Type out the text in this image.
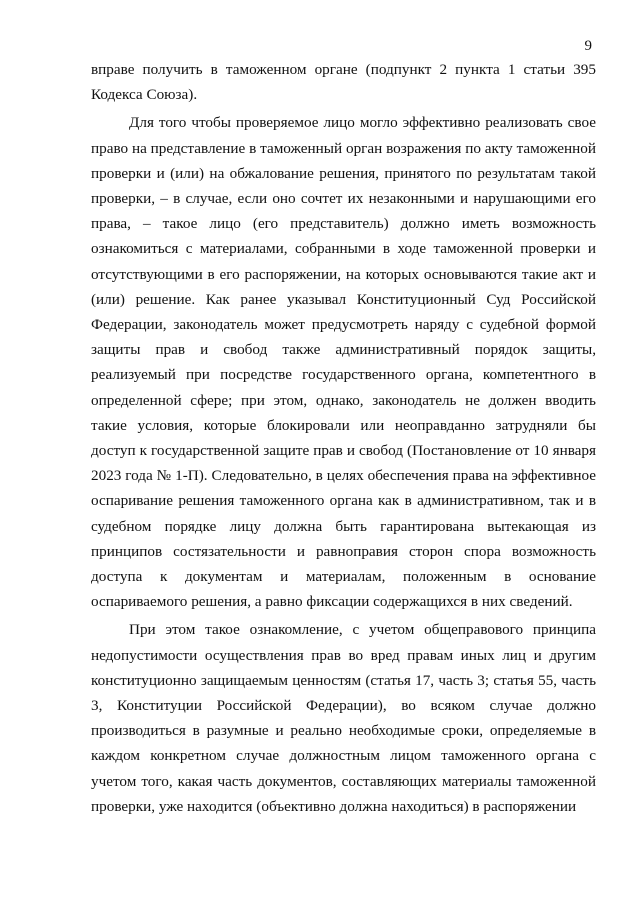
9

вправе получить в таможенном органе (подпункт 2 пункта 1 статьи 395 Кодекса Союза).

Для того чтобы проверяемое лицо могло эффективно реализовать свое право на представление в таможенный орган возражения по акту таможенной проверки и (или) на обжалование решения, принятого по результатам такой проверки, – в случае, если оно сочтет их незаконными и нарушающими его права, – такое лицо (его представитель) должно иметь возможность ознакомиться с материалами, собранными в ходе таможенной проверки и отсутствующими в его распоряжении, на которых основываются такие акт и (или) решение. Как ранее указывал Конституционный Суд Российской Федерации, законодатель может предусмотреть наряду с судебной формой защиты прав и свобод также административный порядок защиты, реализуемый при посредстве государственного органа, компетентного в определенной сфере; при этом, однако, законодатель не должен вводить такие условия, которые блокировали или неоправданно затрудняли бы доступ к государственной защите прав и свобод (Постановление от 10 января 2023 года № 1-П). Следовательно, в целях обеспечения права на эффективное оспаривание решения таможенного органа как в административном, так и в судебном порядке лицу должна быть гарантирована вытекающая из принципов состязательности и равноправия сторон спора возможность доступа к документам и материалам, положенным в основание оспариваемого решения, а равно фиксации содержащихся в них сведений.

При этом такое ознакомление, с учетом общеправового принципа недопустимости осуществления прав во вред правам иных лиц и другим конституционно защищаемым ценностям (статья 17, часть 3; статья 55, часть 3, Конституции Российской Федерации), во всяком случае должно производиться в разумные и реально необходимые сроки, определяемые в каждом конкретном случае должностным лицом таможенного органа с учетом того, какая часть документов, составляющих материалы таможенной проверки, уже находится (объективно должна находиться) в распоряжении
